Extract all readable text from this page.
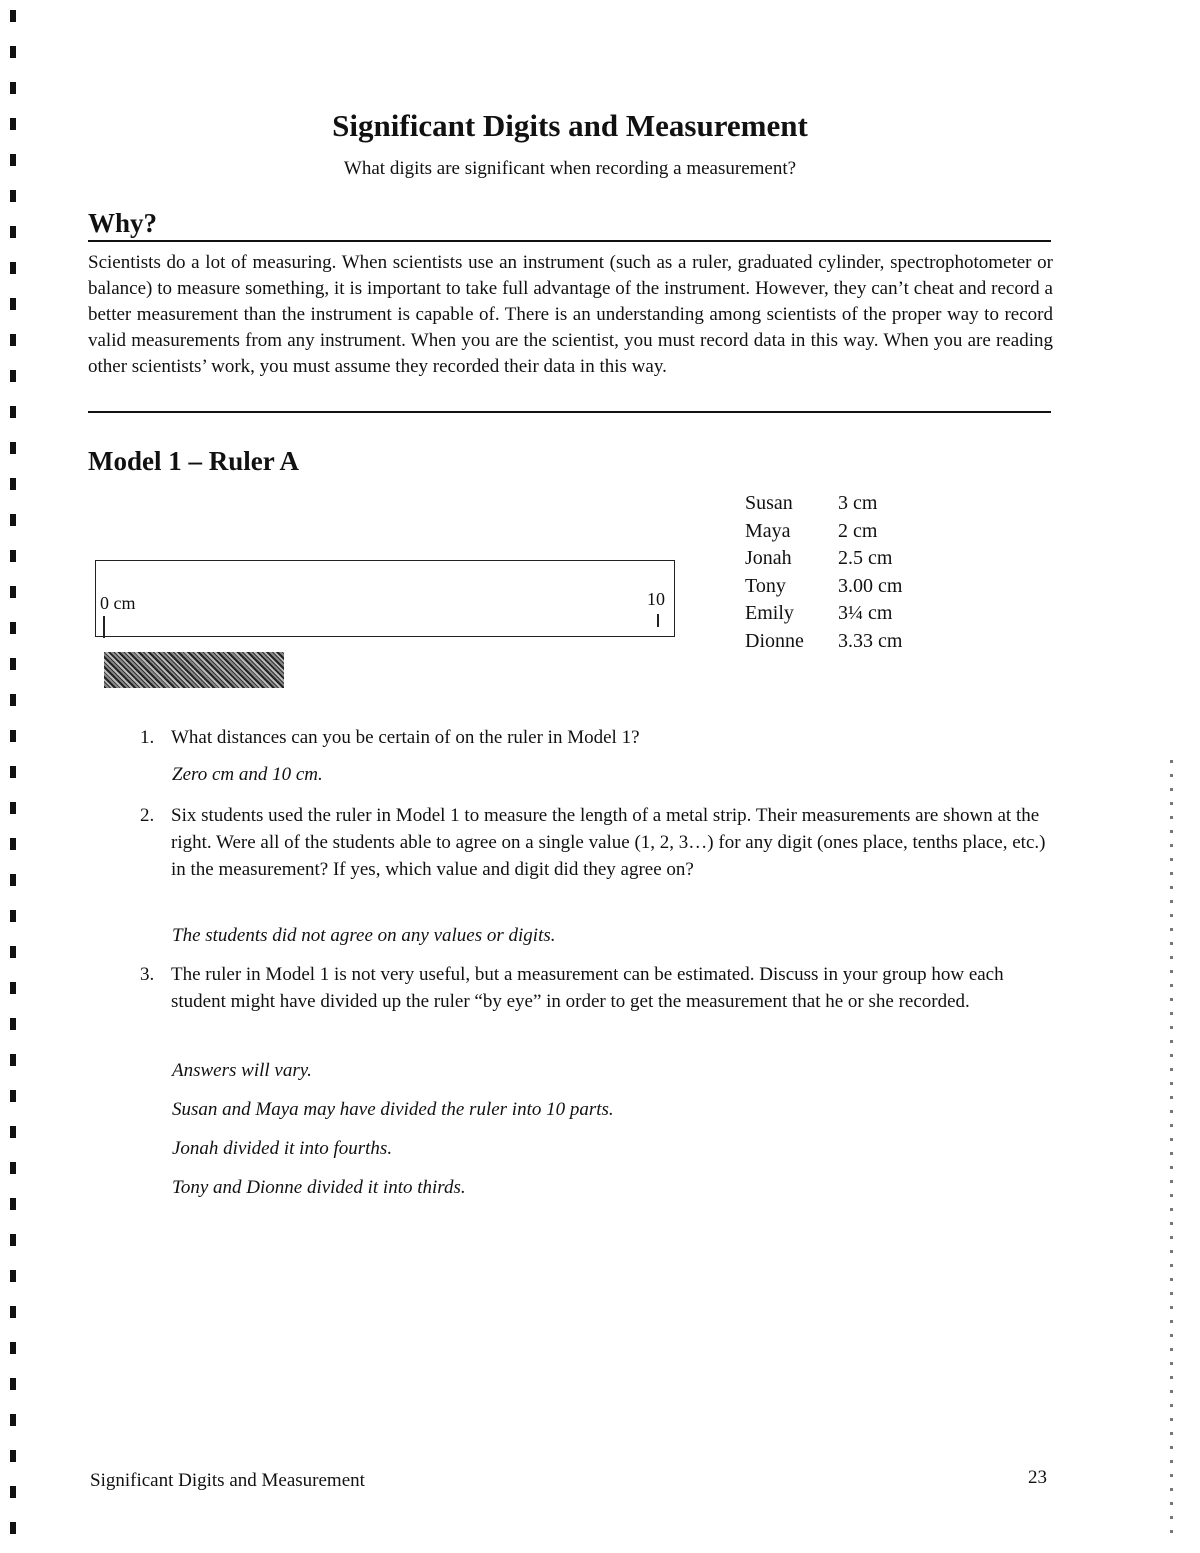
Significant Digits and Measurement
What digits are significant when recording a measurement?
Why?
Scientists do a lot of measuring. When scientists use an instrument (such as a ruler, graduated cylinder, spectrophotometer or balance) to measure something, it is important to take full advantage of the instrument. However, they can’t cheat and record a better measurement than the instrument is capable of. There is an understanding among scientists of the proper way to record valid measurements from any instrument. When you are the scientist, you must record data in this way. When you are reading other scientists’ work, you must assume they recorded their data in this way.
Model 1 – Ruler A
0 cm	10
Susan	3 cm
Maya	2 cm
Jonah	2.5 cm
Tony	3.00 cm
Emily	3¼ cm
Dionne	3.33 cm
1. What distances can you be certain of on the ruler in Model 1?
Zero cm and 10 cm.
2. Six students used the ruler in Model 1 to measure the length of a metal strip. Their measurements are shown at the right. Were all of the students able to agree on a single value (1, 2, 3…) for any digit (ones place, tenths place, etc.) in the measurement? If yes, which value and digit did they agree on?
The students did not agree on any values or digits.
3. The ruler in Model 1 is not very useful, but a measurement can be estimated. Discuss in your group how each student might have divided up the ruler “by eye” in order to get the measurement that he or she recorded.
Answers will vary.
Susan and Maya may have divided the ruler into 10 parts.
Jonah divided it into fourths.
Tony and Dionne divided it into thirds.
Significant Digits and Measurement	23
